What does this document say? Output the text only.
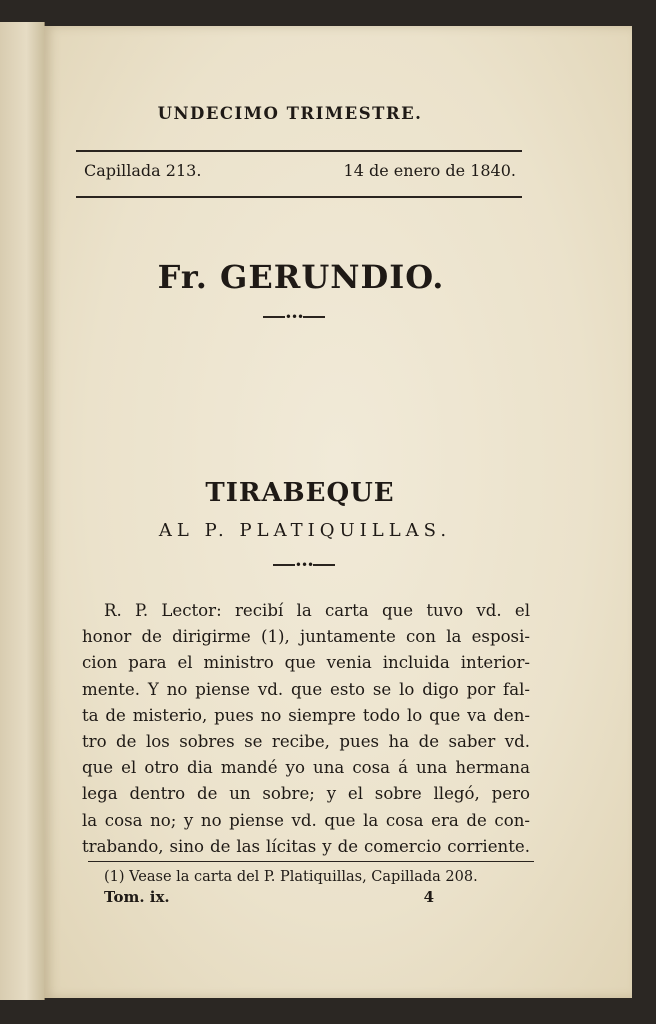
UNDECIMO TRIMESTRE.
Capillada 213.	14 de enero de 1840.
Fr. GERUNDIO.
•••
TIRABEQUE
AL P. PLATIQUILLAS.
•••
R. P. Lector: recibí la carta que tuvo vd. el
honor de dirigirme (1), juntamente con la esposi-
cion para el ministro que venia incluida interior-
mente. Y no piense vd. que esto se lo digo por fal-
ta de misterio, pues no siempre todo lo que va den-
tro de los sobres se recibe, pues ha de saber vd.
que el otro dia mandé yo una cosa á una hermana
lega dentro de un sobre; y el sobre llegó, pero
la cosa no; y no piense vd. que la cosa era de con-
trabando, sino de las lícitas y de comercio corriente.
(1) Vease la carta del P. Platiquillas, Capillada 208.
Tom. ix.	4
